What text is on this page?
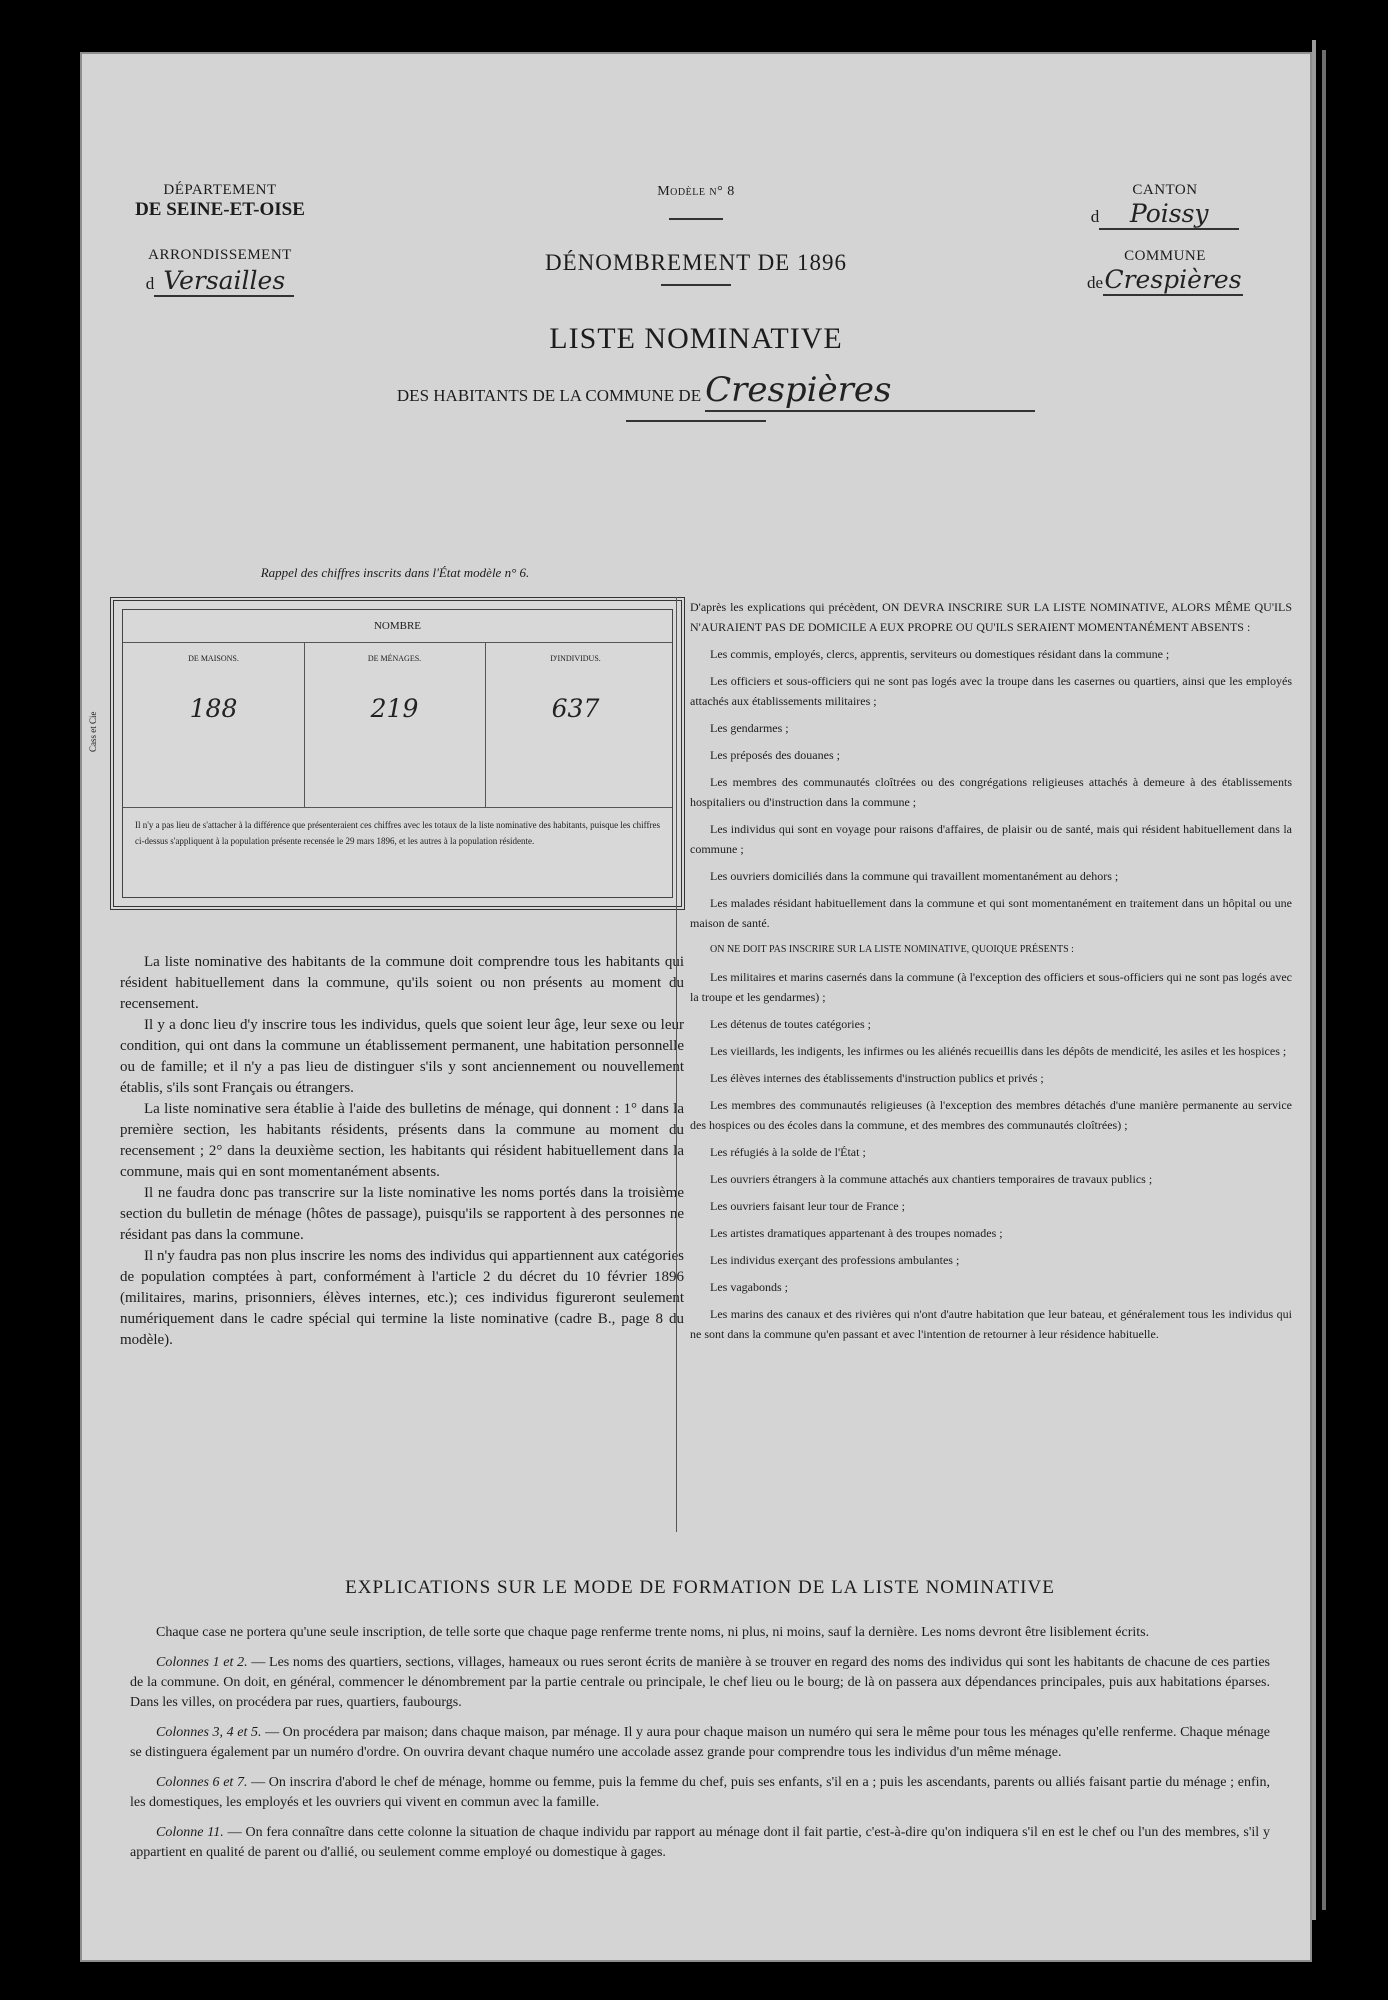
Cass et Cie
DÉPARTEMENT
DE SEINE-ET-OISE
ARRONDISSEMENT
d Versailles
Modèle n° 8
DÉNOMBREMENT DE 1896
LISTE NOMINATIVE
DES HABITANTS DE LA COMMUNE DE Crespières
CANTON
d Poissy
COMMUNE
deCrespières
Rappel des chiffres inscrits dans l'État modèle n° 6.
NOMBRE
DE MAISONS.	DE MÉNAGES.	D'INDIVIDUS.
188	219	637
Il n'y a pas lieu de s'attacher à la différence que présenteraient ces chiffres avec les totaux de la liste nominative des habitants, puisque les chiffres ci-dessus s'appliquent à la population présente recensée le 29 mars 1896, et les autres à la population résidente.

La liste nominative des habitants de la commune doit comprendre tous les habitants qui résident habituellement dans la commune, qu'ils soient ou non présents au moment du recensement.

Il y a donc lieu d'y inscrire tous les individus, quels que soient leur âge, leur sexe ou leur condition, qui ont dans la commune un établissement permanent, une habitation personnelle ou de famille; et il n'y a pas lieu de distinguer s'ils y sont anciennement ou nouvellement établis, s'ils sont Français ou étrangers.

La liste nominative sera établie à l'aide des bulletins de ménage, qui donnent : 1° dans la première section, les habitants résidents, présents dans la commune au moment du recensement ; 2° dans la deuxième section, les habitants qui résident habituellement dans la commune, mais qui en sont momentanément absents.

Il ne faudra donc pas transcrire sur la liste nominative les noms portés dans la troisième section du bulletin de ménage (hôtes de passage), puisqu'ils se rapportent à des personnes ne résidant pas dans la commune.

Il n'y faudra pas non plus inscrire les noms des individus qui appartiennent aux catégories de population comptées à part, conformément à l'article 2 du décret du 10 février 1896 (militaires, marins, prisonniers, élèves internes, etc.); ces individus figureront seulement numériquement dans le cadre spécial qui termine la liste nominative (cadre B., page 8 du modèle).

D'après les explications qui précèdent, ON DEVRA INSCRIRE SUR LA LISTE NOMINATIVE, ALORS MÊME QU'ILS N'AURAIENT PAS DE DOMICILE A EUX PROPRE OU QU'ILS SERAIENT MOMENTANÉMENT ABSENTS :

Les commis, employés, clercs, apprentis, serviteurs ou domestiques résidant dans la commune ;

Les officiers et sous-officiers qui ne sont pas logés avec la troupe dans les casernes ou quartiers, ainsi que les employés attachés aux établissements militaires ;

Les gendarmes ;

Les préposés des douanes ;

Les membres des communautés cloîtrées ou des congrégations religieuses attachés à demeure à des établissements hospitaliers ou d'instruction dans la commune ;

Les individus qui sont en voyage pour raisons d'affaires, de plaisir ou de santé, mais qui résident habituellement dans la commune ;

Les ouvriers domiciliés dans la commune qui travaillent momentanément au dehors ;

Les malades résidant habituellement dans la commune et qui sont momentanément en traitement dans un hôpital ou une maison de santé.

ON NE DOIT PAS INSCRIRE SUR LA LISTE NOMINATIVE, QUOIQUE PRÉSENTS :

Les militaires et marins casernés dans la commune (à l'exception des officiers et sous-officiers qui ne sont pas logés avec la troupe et les gendarmes) ;

Les détenus de toutes catégories ;

Les vieillards, les indigents, les infirmes ou les aliénés recueillis dans les dépôts de mendicité, les asiles et les hospices ;

Les élèves internes des établissements d'instruction publics et privés ;

Les membres des communautés religieuses (à l'exception des membres détachés d'une manière permanente au service des hospices ou des écoles dans la commune, et des membres des communautés cloîtrées) ;

Les réfugiés à la solde de l'État ;

Les ouvriers étrangers à la commune attachés aux chantiers temporaires de travaux publics ;

Les ouvriers faisant leur tour de France ;

Les artistes dramatiques appartenant à des troupes nomades ;

Les individus exerçant des professions ambulantes ;

Les vagabonds ;

Les marins des canaux et des rivières qui n'ont d'autre habitation que leur bateau, et généralement tous les individus qui ne sont dans la commune qu'en passant et avec l'intention de retourner à leur résidence habituelle.

EXPLICATIONS SUR LE MODE DE FORMATION DE LA LISTE NOMINATIVE

Chaque case ne portera qu'une seule inscription, de telle sorte que chaque page renferme trente noms, ni plus, ni moins, sauf la dernière. Les noms devront être lisiblement écrits.

Colonnes 1 et 2. — Les noms des quartiers, sections, villages, hameaux ou rues seront écrits de manière à se trouver en regard des noms des individus qui sont les habitants de chacune de ces parties de la commune. On doit, en général, commencer le dénombrement par la partie centrale ou principale, le chef lieu ou le bourg; de là on passera aux dépendances principales, puis aux habitations éparses. Dans les villes, on procédera par rues, quartiers, faubourgs.

Colonnes 3, 4 et 5. — On procédera par maison; dans chaque maison, par ménage. Il y aura pour chaque maison un numéro qui sera le même pour tous les ménages qu'elle renferme. Chaque ménage se distinguera également par un numéro d'ordre. On ouvrira devant chaque numéro une accolade assez grande pour comprendre tous les individus d'un même ménage.

Colonnes 6 et 7. — On inscrira d'abord le chef de ménage, homme ou femme, puis la femme du chef, puis ses enfants, s'il en a ; puis les ascendants, parents ou alliés faisant partie du ménage ; enfin, les domestiques, les employés et les ouvriers qui vivent en commun avec la famille.

Colonne 11. — On fera connaître dans cette colonne la situation de chaque individu par rapport au ménage dont il fait partie, c'est-à-dire qu'on indiquera s'il en est le chef ou l'un des membres, s'il y appartient en qualité de parent ou d'allié, ou seulement comme employé ou domestique à gages.
